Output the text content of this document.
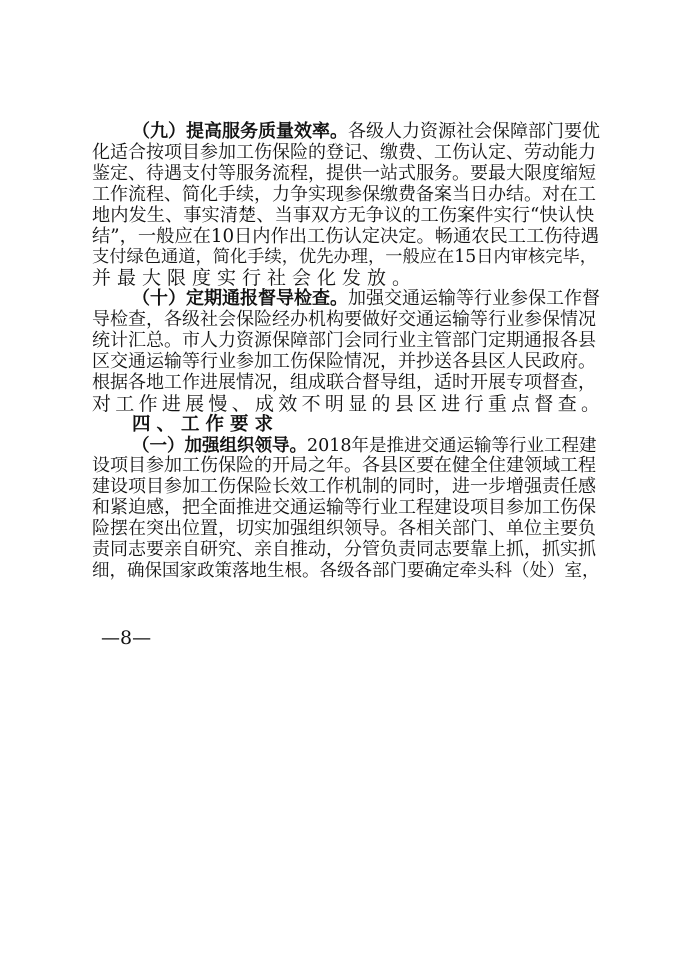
（九）提高服务质量效率。各级人力资源社会保障部门要优
化适合按项目参加工伤保险的登记、缴费、工伤认定、劳动能力
鉴定、待遇支付等服务流程，提供一站式服务。要最大限度缩短
工作流程、简化手续，力争实现参保缴费备案当日办结。对在工
地内发生、事实清楚、当事双方无争议的工伤案件实行“快认快
结”，一般应在10日内作出工伤认定决定。畅通农民工工伤待遇
支付绿色通道，简化手续，优先办理，一般应在15日内审核完毕，
并最大限度实行社会化发放。
（十）定期通报督导检查。加强交通运输等行业参保工作督
导检查，各级社会保险经办机构要做好交通运输等行业参保情况
统计汇总。市人力资源保障部门会同行业主管部门定期通报各县
区交通运输等行业参加工伤保险情况，并抄送各县区人民政府。
根据各地工作进展情况，组成联合督导组，适时开展专项督查，
对工作进展慢、成效不明显的县区进行重点督查。
四、工作要求
（一）加强组织领导。2018年是推进交通运输等行业工程建
设项目参加工伤保险的开局之年。各县区要在健全住建领域工程
建设项目参加工伤保险长效工作机制的同时，进一步增强责任感
和紧迫感，把全面推进交通运输等行业工程建设项目参加工伤保
险摆在突出位置，切实加强组织领导。各相关部门、单位主要负
责同志要亲自研究、亲自推动，分管负责同志要靠上抓，抓实抓
细，确保国家政策落地生根。各级各部门要确定牵头科（处）室，
—8—
